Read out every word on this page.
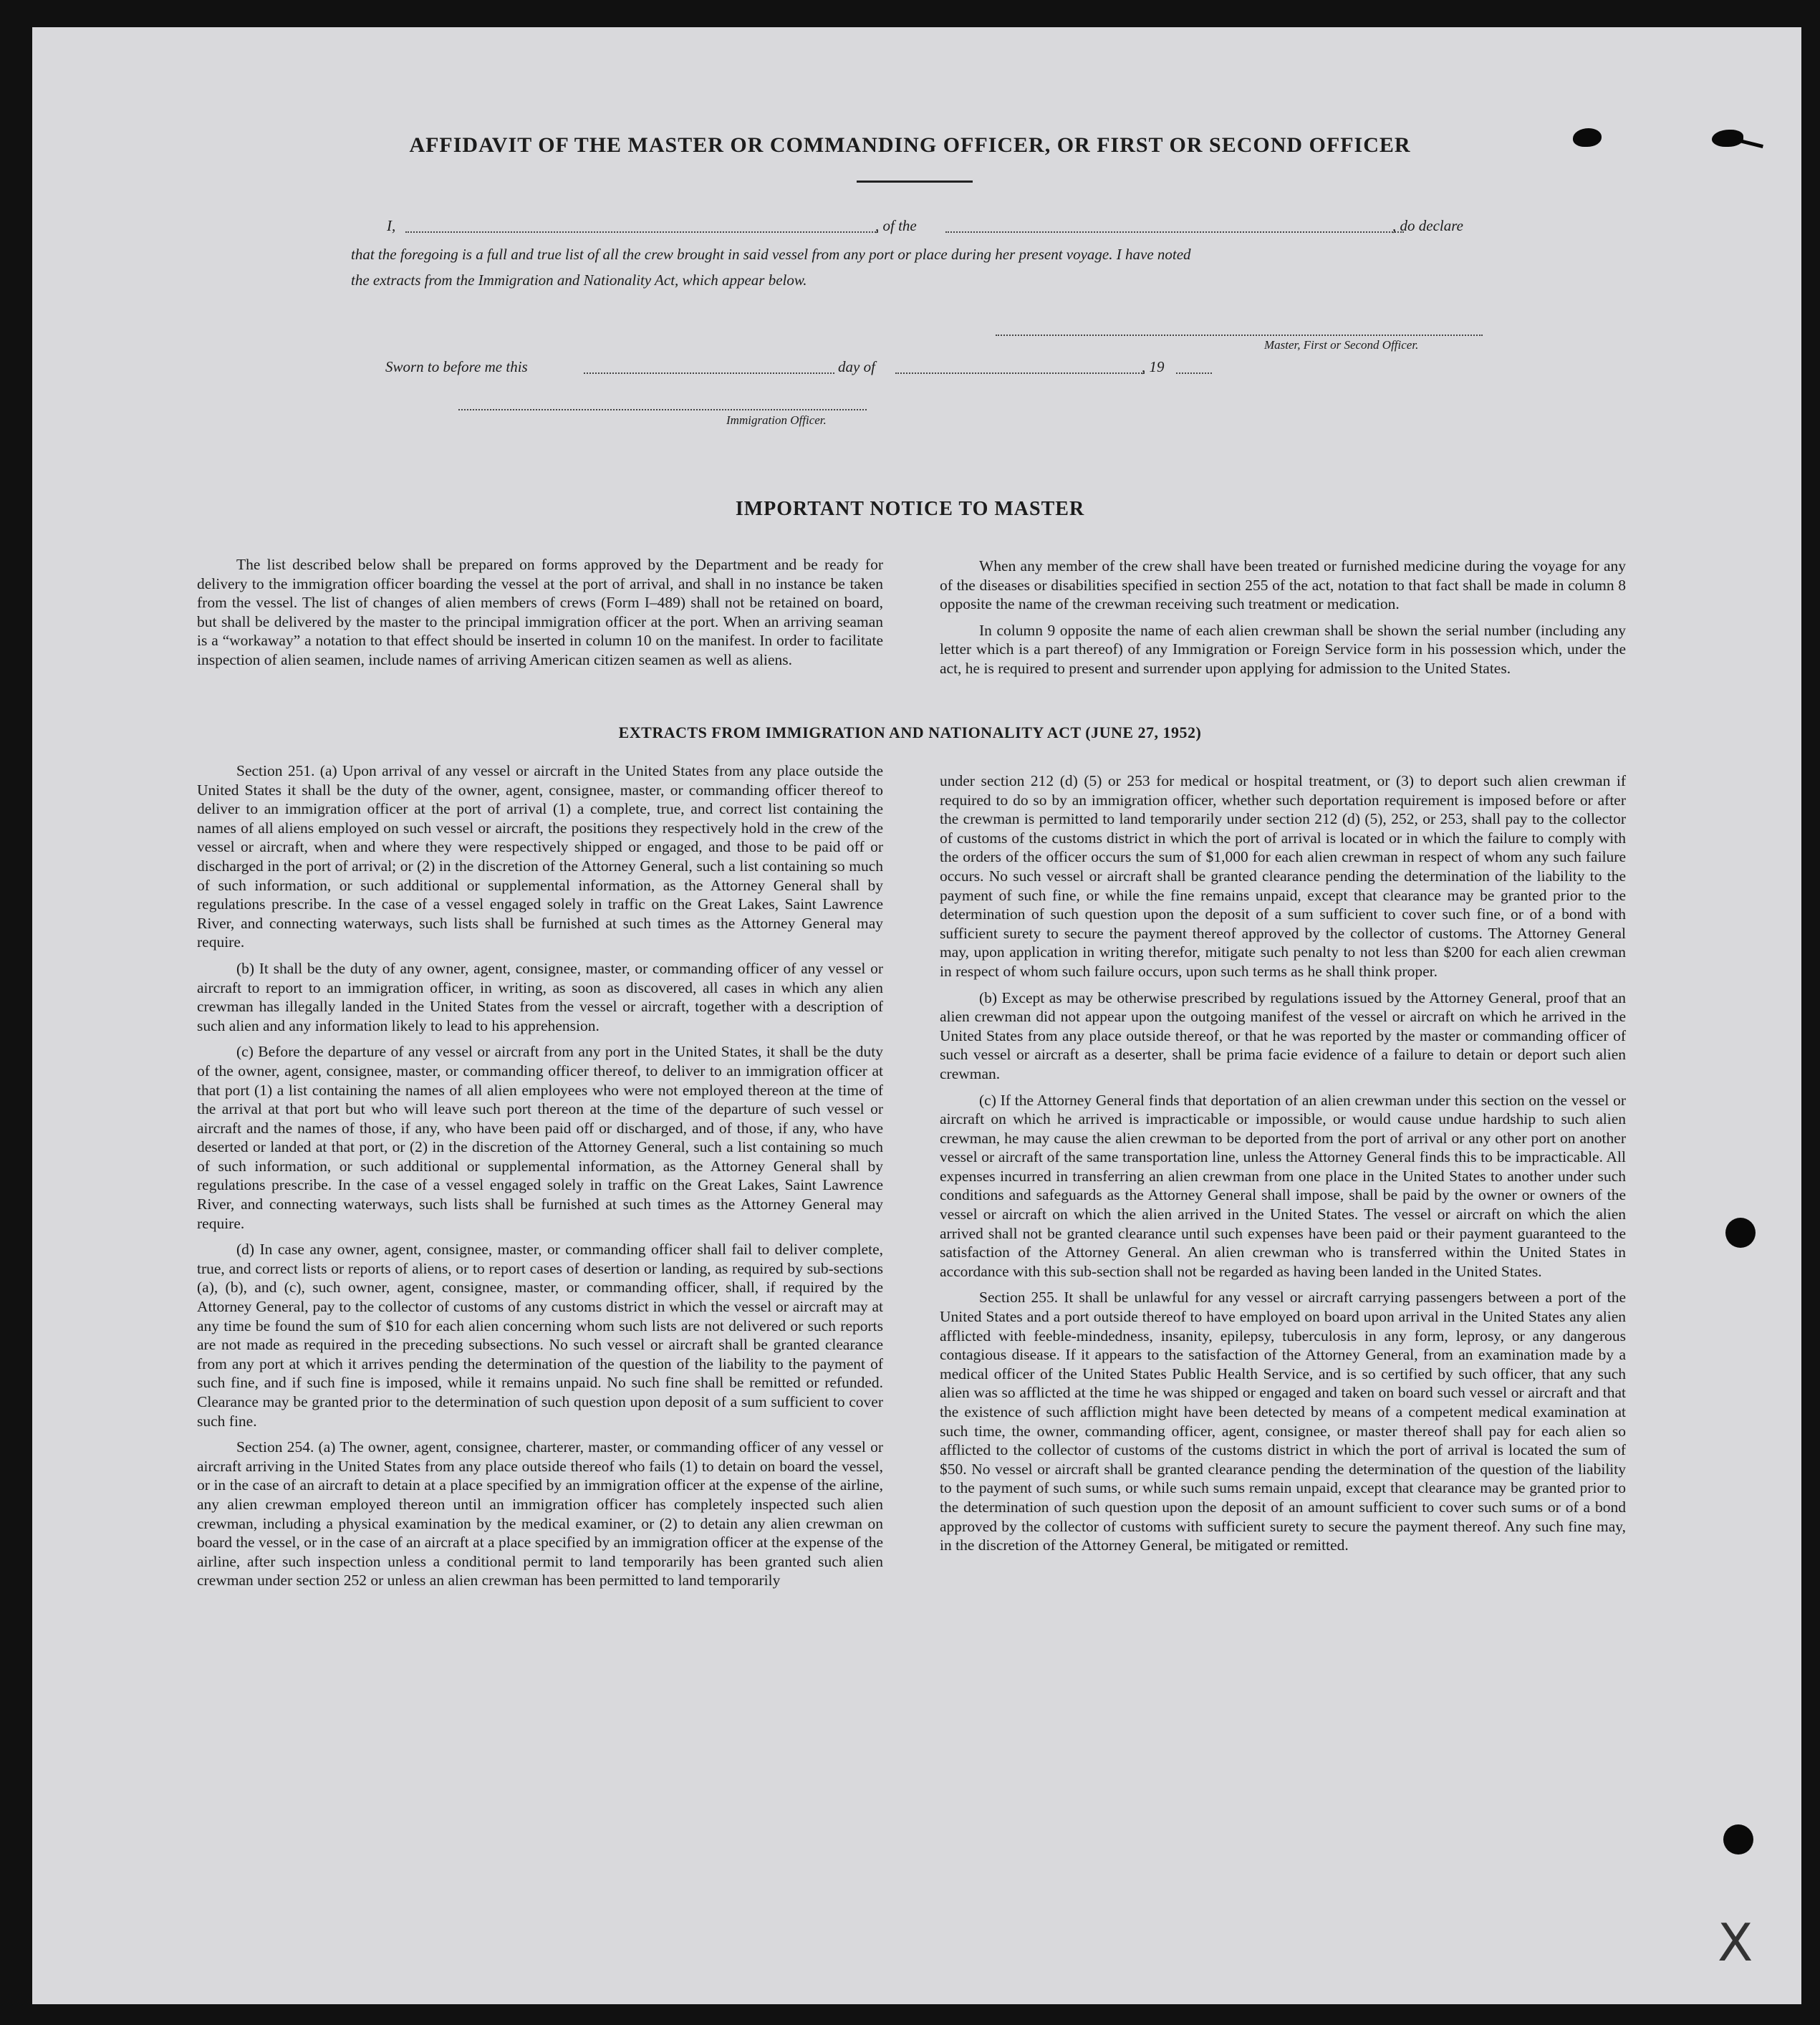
AFFIDAVIT OF THE MASTER OR COMMANDING OFFICER, OR FIRST OR SECOND OFFICER
I,	, of the	, do declare
that the foregoing is a full and true list of all the crew brought in said vessel from any port or place during her present voyage. I have noted
the extracts from the Immigration and Nationality Act, which appear below.
Master, First or Second Officer.
Sworn to before me this	day of	, 19
Immigration Officer.
IMPORTANT NOTICE TO MASTER

The list described below shall be prepared on forms approved by the Department and be ready for delivery to the immigration officer boarding the vessel at the port of arrival, and shall in no instance be taken from the vessel. The list of changes of alien members of crews (Form I–489) shall not be retained on board, but shall be delivered by the master to the principal immigration officer at the port. When an arriving seaman is a “workaway” a notation to that effect should be inserted in column 10 on the manifest. In order to facilitate inspection of alien seamen, include names of arriving American citizen seamen as well as aliens.

When any member of the crew shall have been treated or furnished medicine during the voyage for any of the diseases or disabilities specified in section 255 of the act, notation to that fact shall be made in column 8 opposite the name of the crewman receiving such treatment or medication.

In column 9 opposite the name of each alien crewman shall be shown the serial number (including any letter which is a part thereof) of any Immigration or Foreign Service form in his possession which, under the act, he is required to present and surrender upon applying for admission to the United States.

EXTRACTS FROM IMMIGRATION AND NATIONALITY ACT (JUNE 27, 1952)

Section 251. (a) Upon arrival of any vessel or aircraft in the United States from any place outside the United States it shall be the duty of the owner, agent, consignee, master, or commanding officer thereof to deliver to an immigration officer at the port of arrival (1) a complete, true, and correct list containing the names of all aliens employed on such vessel or aircraft, the positions they respectively hold in the crew of the vessel or aircraft, when and where they were respectively shipped or engaged, and those to be paid off or discharged in the port of arrival; or (2) in the discretion of the Attorney General, such a list containing so much of such information, or such additional or supplemental information, as the Attorney General shall by regulations prescribe. In the case of a vessel engaged solely in traffic on the Great Lakes, Saint Lawrence River, and connecting waterways, such lists shall be furnished at such times as the Attorney General may require.

(b) It shall be the duty of any owner, agent, consignee, master, or commanding officer of any vessel or aircraft to report to an immigration officer, in writing, as soon as discovered, all cases in which any alien crewman has illegally landed in the United States from the vessel or aircraft, together with a description of such alien and any information likely to lead to his apprehension.

(c) Before the departure of any vessel or aircraft from any port in the United States, it shall be the duty of the owner, agent, consignee, master, or commanding officer thereof, to deliver to an immigration officer at that port (1) a list containing the names of all alien employees who were not employed thereon at the time of the arrival at that port but who will leave such port thereon at the time of the departure of such vessel or aircraft and the names of those, if any, who have been paid off or discharged, and of those, if any, who have deserted or landed at that port, or (2) in the discretion of the Attorney General, such a list containing so much of such information, or such additional or supplemental information, as the Attorney General shall by regulations prescribe. In the case of a vessel engaged solely in traffic on the Great Lakes, Saint Lawrence River, and connecting waterways, such lists shall be furnished at such times as the Attorney General may require.

(d) In case any owner, agent, consignee, master, or commanding officer shall fail to deliver complete, true, and correct lists or reports of aliens, or to report cases of desertion or landing, as required by sub-sections (a), (b), and (c), such owner, agent, consignee, master, or commanding officer, shall, if required by the Attorney General, pay to the collector of customs of any customs district in which the vessel or aircraft may at any time be found the sum of $10 for each alien concerning whom such lists are not delivered or such reports are not made as required in the preceding subsections. No such vessel or aircraft shall be granted clearance from any port at which it arrives pending the determination of the question of the liability to the payment of such fine, and if such fine is imposed, while it remains unpaid. No such fine shall be remitted or refunded. Clearance may be granted prior to the determination of such question upon deposit of a sum sufficient to cover such fine.

Section 254. (a) The owner, agent, consignee, charterer, master, or commanding officer of any vessel or aircraft arriving in the United States from any place outside thereof who fails (1) to detain on board the vessel, or in the case of an aircraft to detain at a place specified by an immigration officer at the expense of the airline, any alien crewman employed thereon until an immigration officer has completely inspected such alien crewman, including a physical examination by the medical examiner, or (2) to detain any alien crewman on board the vessel, or in the case of an aircraft at a place specified by an immigration officer at the expense of the airline, after such inspection unless a conditional permit to land temporarily has been granted such alien crewman under section 252 or unless an alien crewman has been permitted to land temporarily

under section 212 (d) (5) or 253 for medical or hospital treatment, or (3) to deport such alien crewman if required to do so by an immigration officer, whether such deportation requirement is imposed before or after the crewman is permitted to land temporarily under section 212 (d) (5), 252, or 253, shall pay to the collector of customs of the customs district in which the port of arrival is located or in which the failure to comply with the orders of the officer occurs the sum of $1,000 for each alien crewman in respect of whom any such failure occurs. No such vessel or aircraft shall be granted clearance pending the determination of the liability to the payment of such fine, or while the fine remains unpaid, except that clearance may be granted prior to the determination of such question upon the deposit of a sum sufficient to cover such fine, or of a bond with sufficient surety to secure the payment thereof approved by the collector of customs. The Attorney General may, upon application in writing therefor, mitigate such penalty to not less than $200 for each alien crewman in respect of whom such failure occurs, upon such terms as he shall think proper.

(b) Except as may be otherwise prescribed by regulations issued by the Attorney General, proof that an alien crewman did not appear upon the outgoing manifest of the vessel or aircraft on which he arrived in the United States from any place outside thereof, or that he was reported by the master or commanding officer of such vessel or aircraft as a deserter, shall be prima facie evidence of a failure to detain or deport such alien crewman.

(c) If the Attorney General finds that deportation of an alien crewman under this section on the vessel or aircraft on which he arrived is impracticable or impossible, or would cause undue hardship to such alien crewman, he may cause the alien crewman to be deported from the port of arrival or any other port on another vessel or aircraft of the same transportation line, unless the Attorney General finds this to be impracticable. All expenses incurred in transferring an alien crewman from one place in the United States to another under such conditions and safeguards as the Attorney General shall impose, shall be paid by the owner or owners of the vessel or aircraft on which the alien arrived in the United States. The vessel or aircraft on which the alien arrived shall not be granted clearance until such expenses have been paid or their payment guaranteed to the satisfaction of the Attorney General. An alien crewman who is transferred within the United States in accordance with this sub-section shall not be regarded as having been landed in the United States.

Section 255. It shall be unlawful for any vessel or aircraft carrying passengers between a port of the United States and a port outside thereof to have employed on board upon arrival in the United States any alien afflicted with feeble-mindedness, insanity, epilepsy, tuberculosis in any form, leprosy, or any dangerous contagious disease. If it appears to the satisfaction of the Attorney General, from an examination made by a medical officer of the United States Public Health Service, and is so certified by such officer, that any such alien was so afflicted at the time he was shipped or engaged and taken on board such vessel or aircraft and that the existence of such affliction might have been detected by means of a competent medical examination at such time, the owner, commanding officer, agent, consignee, or master thereof shall pay for each alien so afflicted to the collector of customs of the customs district in which the port of arrival is located the sum of $50. No vessel or aircraft shall be granted clearance pending the determination of the question of the liability to the payment of such sums, or while such sums remain unpaid, except that clearance may be granted prior to the determination of such question upon the deposit of an amount sufficient to cover such sums or of a bond approved by the collector of customs with sufficient surety to secure the payment thereof. Any such fine may, in the discretion of the Attorney General, be mitigated or remitted.

X
